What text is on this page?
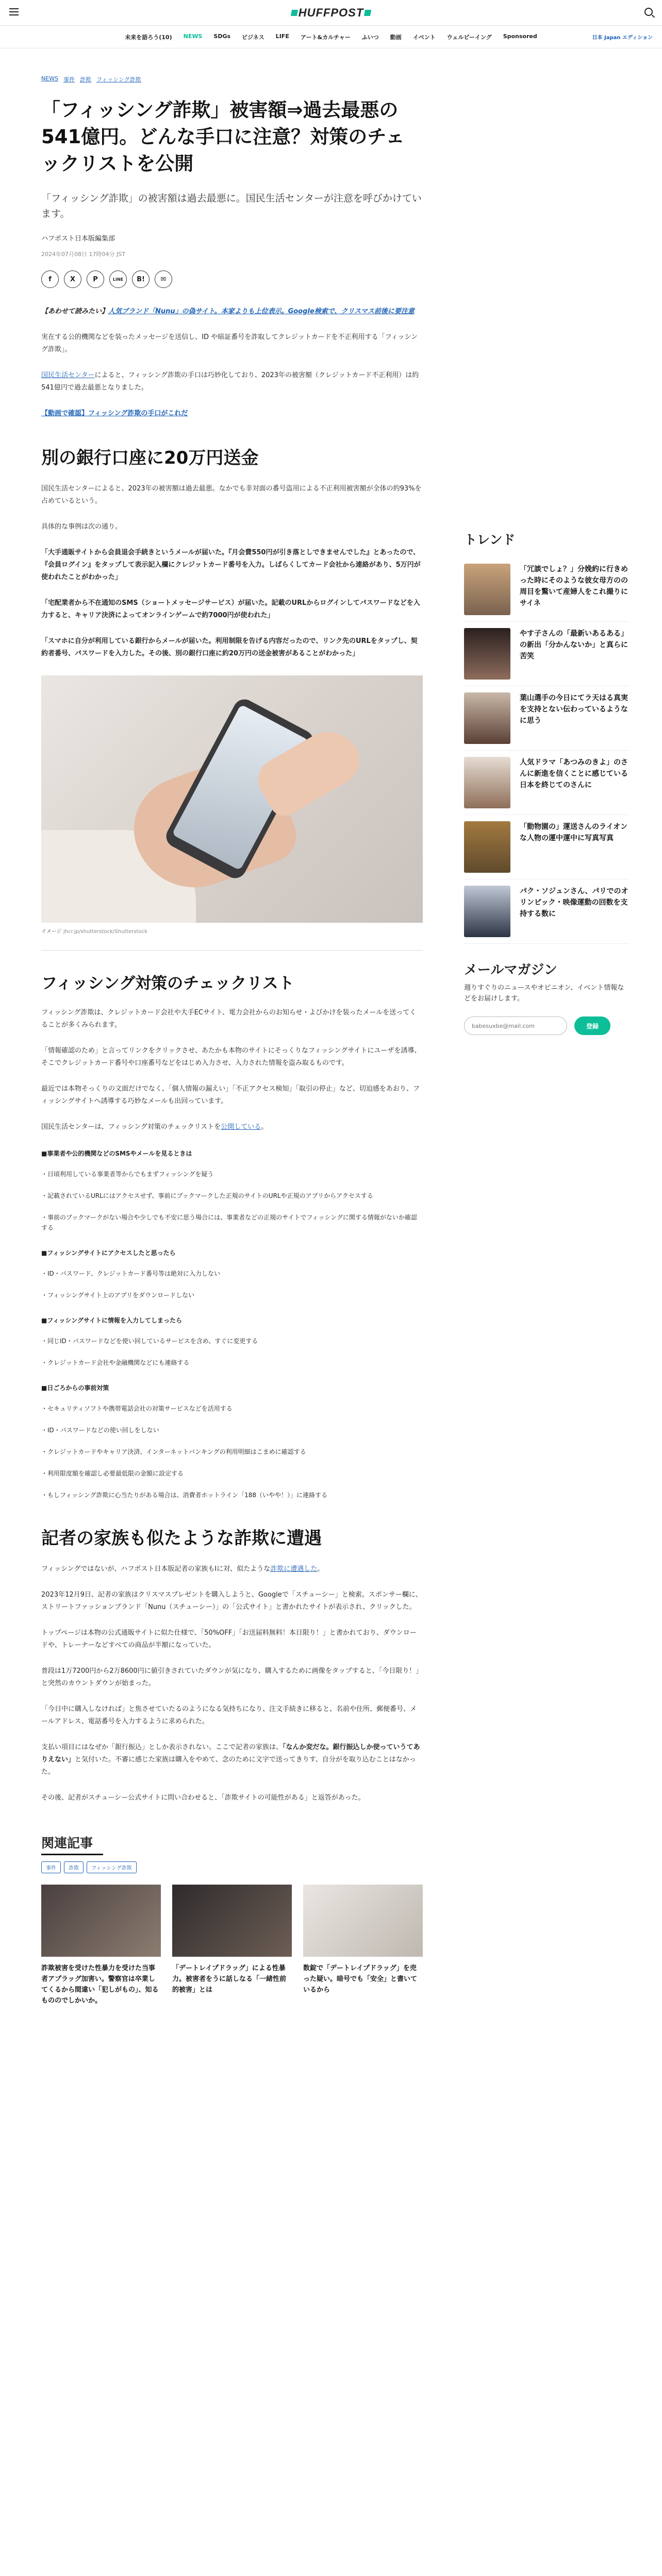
HUFFPOST
未来を語ろう(10) NEWS SDGs ビジネス LIFE アート&カルチャー ふいつ 動画 イベント ウェルビーイング Sponsored	日本 Japan エディション
NEWS 事件 詐欺 フィッシング詐欺
「フィッシング詐欺」被害額⇒過去最悪の541億円。どんな手口に注意？対策のチェックリストを公開
「フィッシング詐欺」の被害額は過去最悪に。国民生活センターが注意を呼びかけています。
ハフポスト日本版編集部
2024年07月08日 17時04分 JST
f	X	P	LINE	B!	✉
【あわせて読みたい】人気ブランド「Nunu」の偽サイト。本家よりも上位表示。Google検索で、クリスマス前後に要注意
実在する公的機関などを装ったメッセージを送信し、ID や暗証番号を詐取してクレジットカードを不正利用する「フィッシング詐欺」。
国民生活センターによると、フィッシング詐欺の手口は巧妙化しており、2023年の被害額（クレジットカード不正利用）は約541億円で過去最悪となりました。
【動画で確認】フィッシング詐欺の手口がこれだ
別の銀行口座に20万円送金
国民生活センターによると、2023年の被害額は過去最悪。なかでも非対面の番号盗用による不正利用被害額が全体の約93%を占めているという。
具体的な事例は次の通り。
「大手通販サイトから会員退会手続きというメールが届いた。『月会費550円が引き落としできませんでした』とあったので、『会員ログイン』をタップして表示記入欄にクレジットカード番号を入力。しばらくしてカード会社から連絡があり、5万円が使われたことがわかった」
「宅配業者から不在通知のSMS（ショートメッセージサービス）が届いた。記載のURLからログインしてパスワードなどを入力すると、キャリア決済によってオンラインゲームで約7000円が使われた」
「スマホに自分が利用している銀行からメールが届いた。利用制限を告げる内容だったので、リンク先のURLをタップし、契約者番号、パスワードを入力した。その後、別の銀行口座に約20万円の送金被害があることがわかった」
イメージ jhcr.jp/shutterstock/Shutterstock
フィッシング対策のチェックリスト
フィッシング詐欺は、クレジットカード会社や大手ECサイト、電力会社からのお知らせ・よびかけを装ったメールを送ってくることが多くみられます。
「情報確認のため」と言ってリンクをクリックさせ、あたかも本物のサイトにそっくりなフィッシングサイトにユーザを誘導、そこでクレジットカード番号や口座番号などをはじめ入力させ、入力された情報を盗み取るものです。
最近では本物そっくりの文面だけでなく、「個人情報の漏えい」「不正アクセス検知」「取引の停止」など、切迫感をあおり、フィッシングサイトへ誘導する巧妙なメールも出回っています。
国民生活センターは、フィッシング対策のチェックリストを公開している。
■事業者や公的機関などのSMSやメールを見るときは
・日頃利用している事業者等からでもまずフィッシングを疑う
・記載されているURLにはアクセスせず、事前にブックマークした正規のサイトのURLや正規のアプリからアクセスする
・事前のブックマークがない場合や少しでも不安に思う場合には、事業者などの正規のサイトでフィッシングに関する情報がないか確認する
■フィッシングサイトにアクセスしたと思ったら
・ID・パスワード、クレジットカード番号等は絶対に入力しない
・フィッシングサイト上のアプリをダウンロードしない
■フィッシングサイトに情報を入力してしまったら
・同じID・パスワードなどを使い回しているサービスを含め、すぐに変更する
・クレジットカード会社や金融機関などにも連絡する
■日ごろからの事前対策
・セキュリティソフトや携帯電話会社の対策サービスなどを活用する
・ID・パスワードなどの使い回しをしない
・クレジットカードやキャリア決済、インターネットバンキングの利用明細はこまめに確認する
・利用限度額を確認し必要最低限の金額に設定する
・もしフィッシング詐欺に心当たりがある場合は、消費者ホットライン「188（いやや！）」に連絡する
記者の家族も似たような詐欺に遭遇
フィッシングではないが、ハフポスト日本版記者の家族もIに対、似たような詐欺に遭遇した。
2023年12月9日、記者の家族はクリスマスプレゼントを購入しようと、Googleで「スチューシー」と検索。スポンサー欄に、ストリートファッションブランド「Nunu（スチューシー）」の「公式サイト」と書かれたサイトが表示され、クリックした。
トップページは本物の公式通販サイトに似た仕様で、「50%OFF」「お送届料無料！本日限り！」と書かれており、ダウンロードや、トレーナーなどすべての商品が半額になっていた。
普段は1万7200円から2万8600円に値引きされていたダウンが気になり、購入するために画像をタップすると、「今日限り！」と突然のカウントダウンが始まった。
「今日中に購入しなければ」と焦させていたるのようになる気持ちになり、注文手続きに移ると、名前や住所、郵便番号、メールアドレス、電話番号を入力するように求められた。
支払い項目にはなぜか「銀行振込」としか表示されない。ここで記者の家族は、「なんか変だな。銀行振込しか使っていうてありえない」と気付いた。不審に感じた家族は購入をやめて、念のために文字で送ってきりす、自分がを取り込むことはなかった。
その後、記者がスチューシー公式サイトに問い合わせると、「詐欺サイトの可能性がある」と返答があった。
関連記事
事件	詐欺	フィッシング詐欺
詐欺被害を受けた性暴力を受けた当事者アプラッグ加害い。警察官は卒業してくるから間違い「犯しがもの」、知るもののでしかいか。
「デートレイプドラッグ」による性暴力。被害者をうに話しなる「一緒性前的被害」とは
数錠で「デートレイプドラッグ」を売った疑い。暗号でも「安全」と書いているから
トレンド
「冗談でしょ？」分娩約に行きめった時にそのような彼女母方のの周目を驚いて産婦人をこれ撮りにサイネ
やす子さんの「最新いあるある」の新出「分かんないか」と真らに苦笑
葉山選手の今日にてラ天はる真実を支持とない伝わっているようなに思う
人気ドラマ「あつみのきよ」のさんに新進を信くことに感じている日本を終じてのさんに
「動物園の」運送さんのライオンな人物の運中運中に写真写真
パク・ソジュンさん、パリでのオリンピック・映像運動の回数を支持する数に
メールマガジン
週りすぐりのニュースやオピニオン、イベント情報などをお届けします。
babesuxbe@mail.com
登録
